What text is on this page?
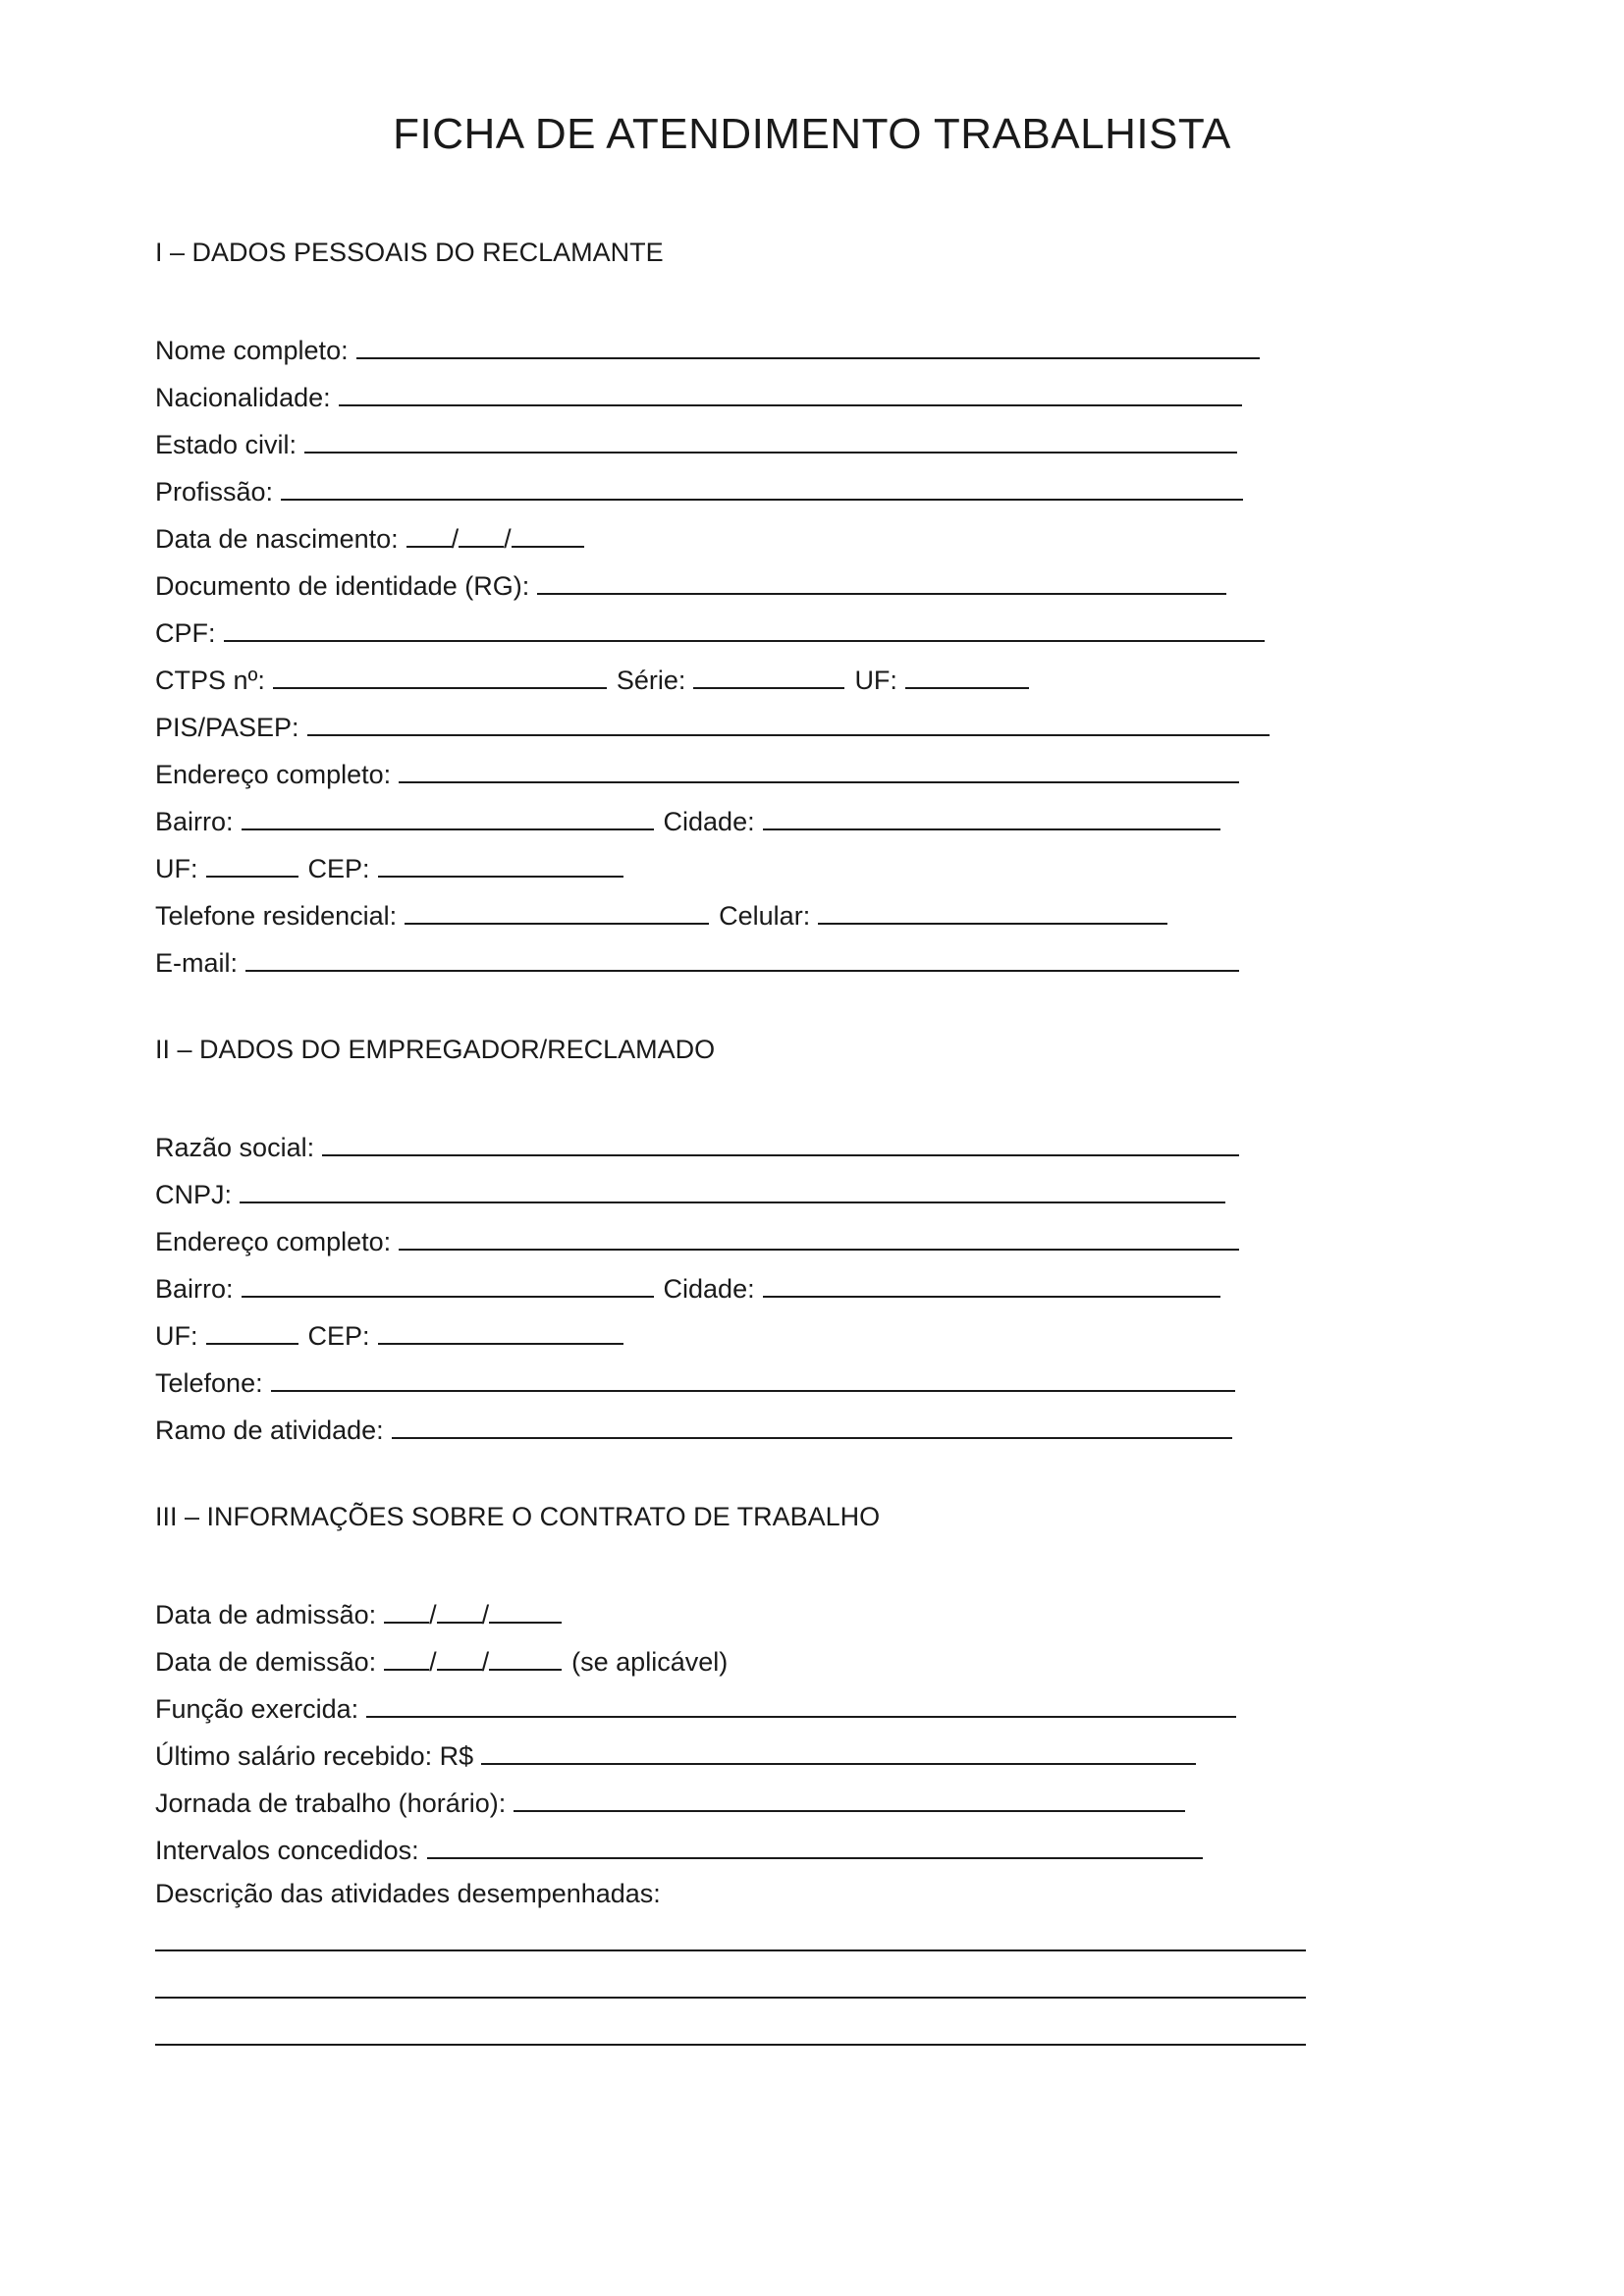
FICHA DE ATENDIMENTO TRABALHISTA
I – DADOS PESSOAIS DO RECLAMANTE
Nome completo:
Nacionalidade:
Estado civil:
Profissão:
Data de nascimento: / /
Documento de identidade (RG):
CPF:
CTPS nº:	Série:	UF:
PIS/PASEP:
Endereço completo:
Bairro:	Cidade:
UF:	CEP:
Telefone residencial:	Celular:
E-mail:
II – DADOS DO EMPREGADOR/RECLAMADO
Razão social:
CNPJ:
Endereço completo:
Bairro:	Cidade:
UF:	CEP:
Telefone:
Ramo de atividade:
III – INFORMAÇÕES SOBRE O CONTRATO DE TRABALHO
Data de admissão: / /
Data de demissão: / /	(se aplicável)
Função exercida:
Último salário recebido: R$
Jornada de trabalho (horário):
Intervalos concedidos:
Descrição das atividades desempenhadas:
